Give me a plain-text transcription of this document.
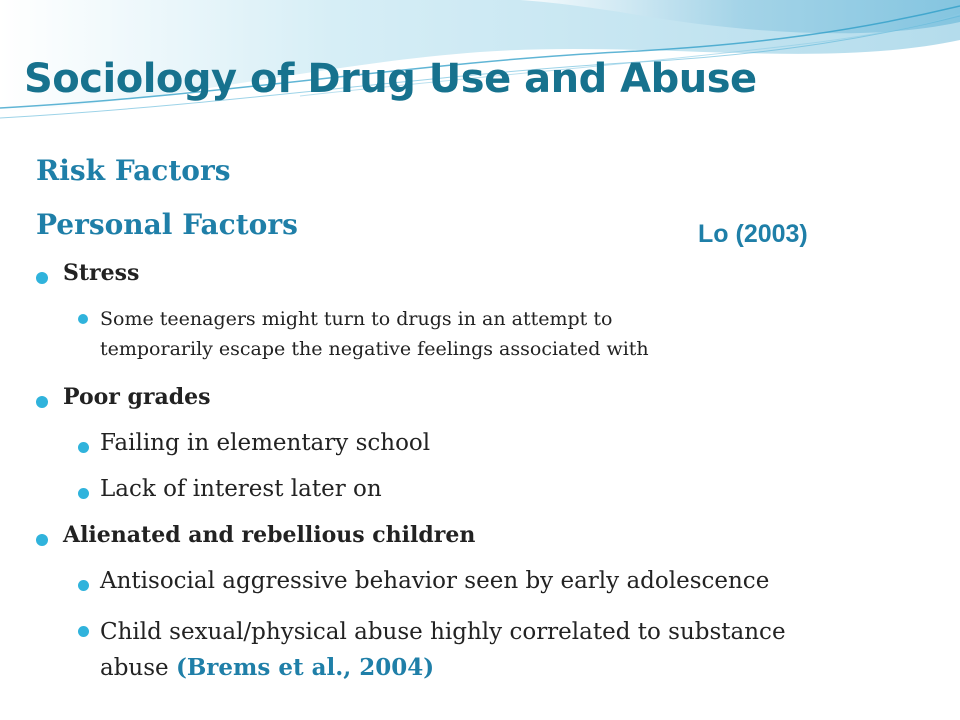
Sociology of Drug Use and Abuse
Risk Factors
Personal Factors	Lo (2003)
Stress
Some teenagers might turn to drugs in an attempt to
temporarily escape the negative feelings associated with
Poor grades
Failing in elementary school
Lack of interest later on
Alienated and rebellious children
Antisocial aggressive behavior seen by early adolescence
Child sexual/physical abuse highly correlated to substance
abuse (Brems et al., 2004)
